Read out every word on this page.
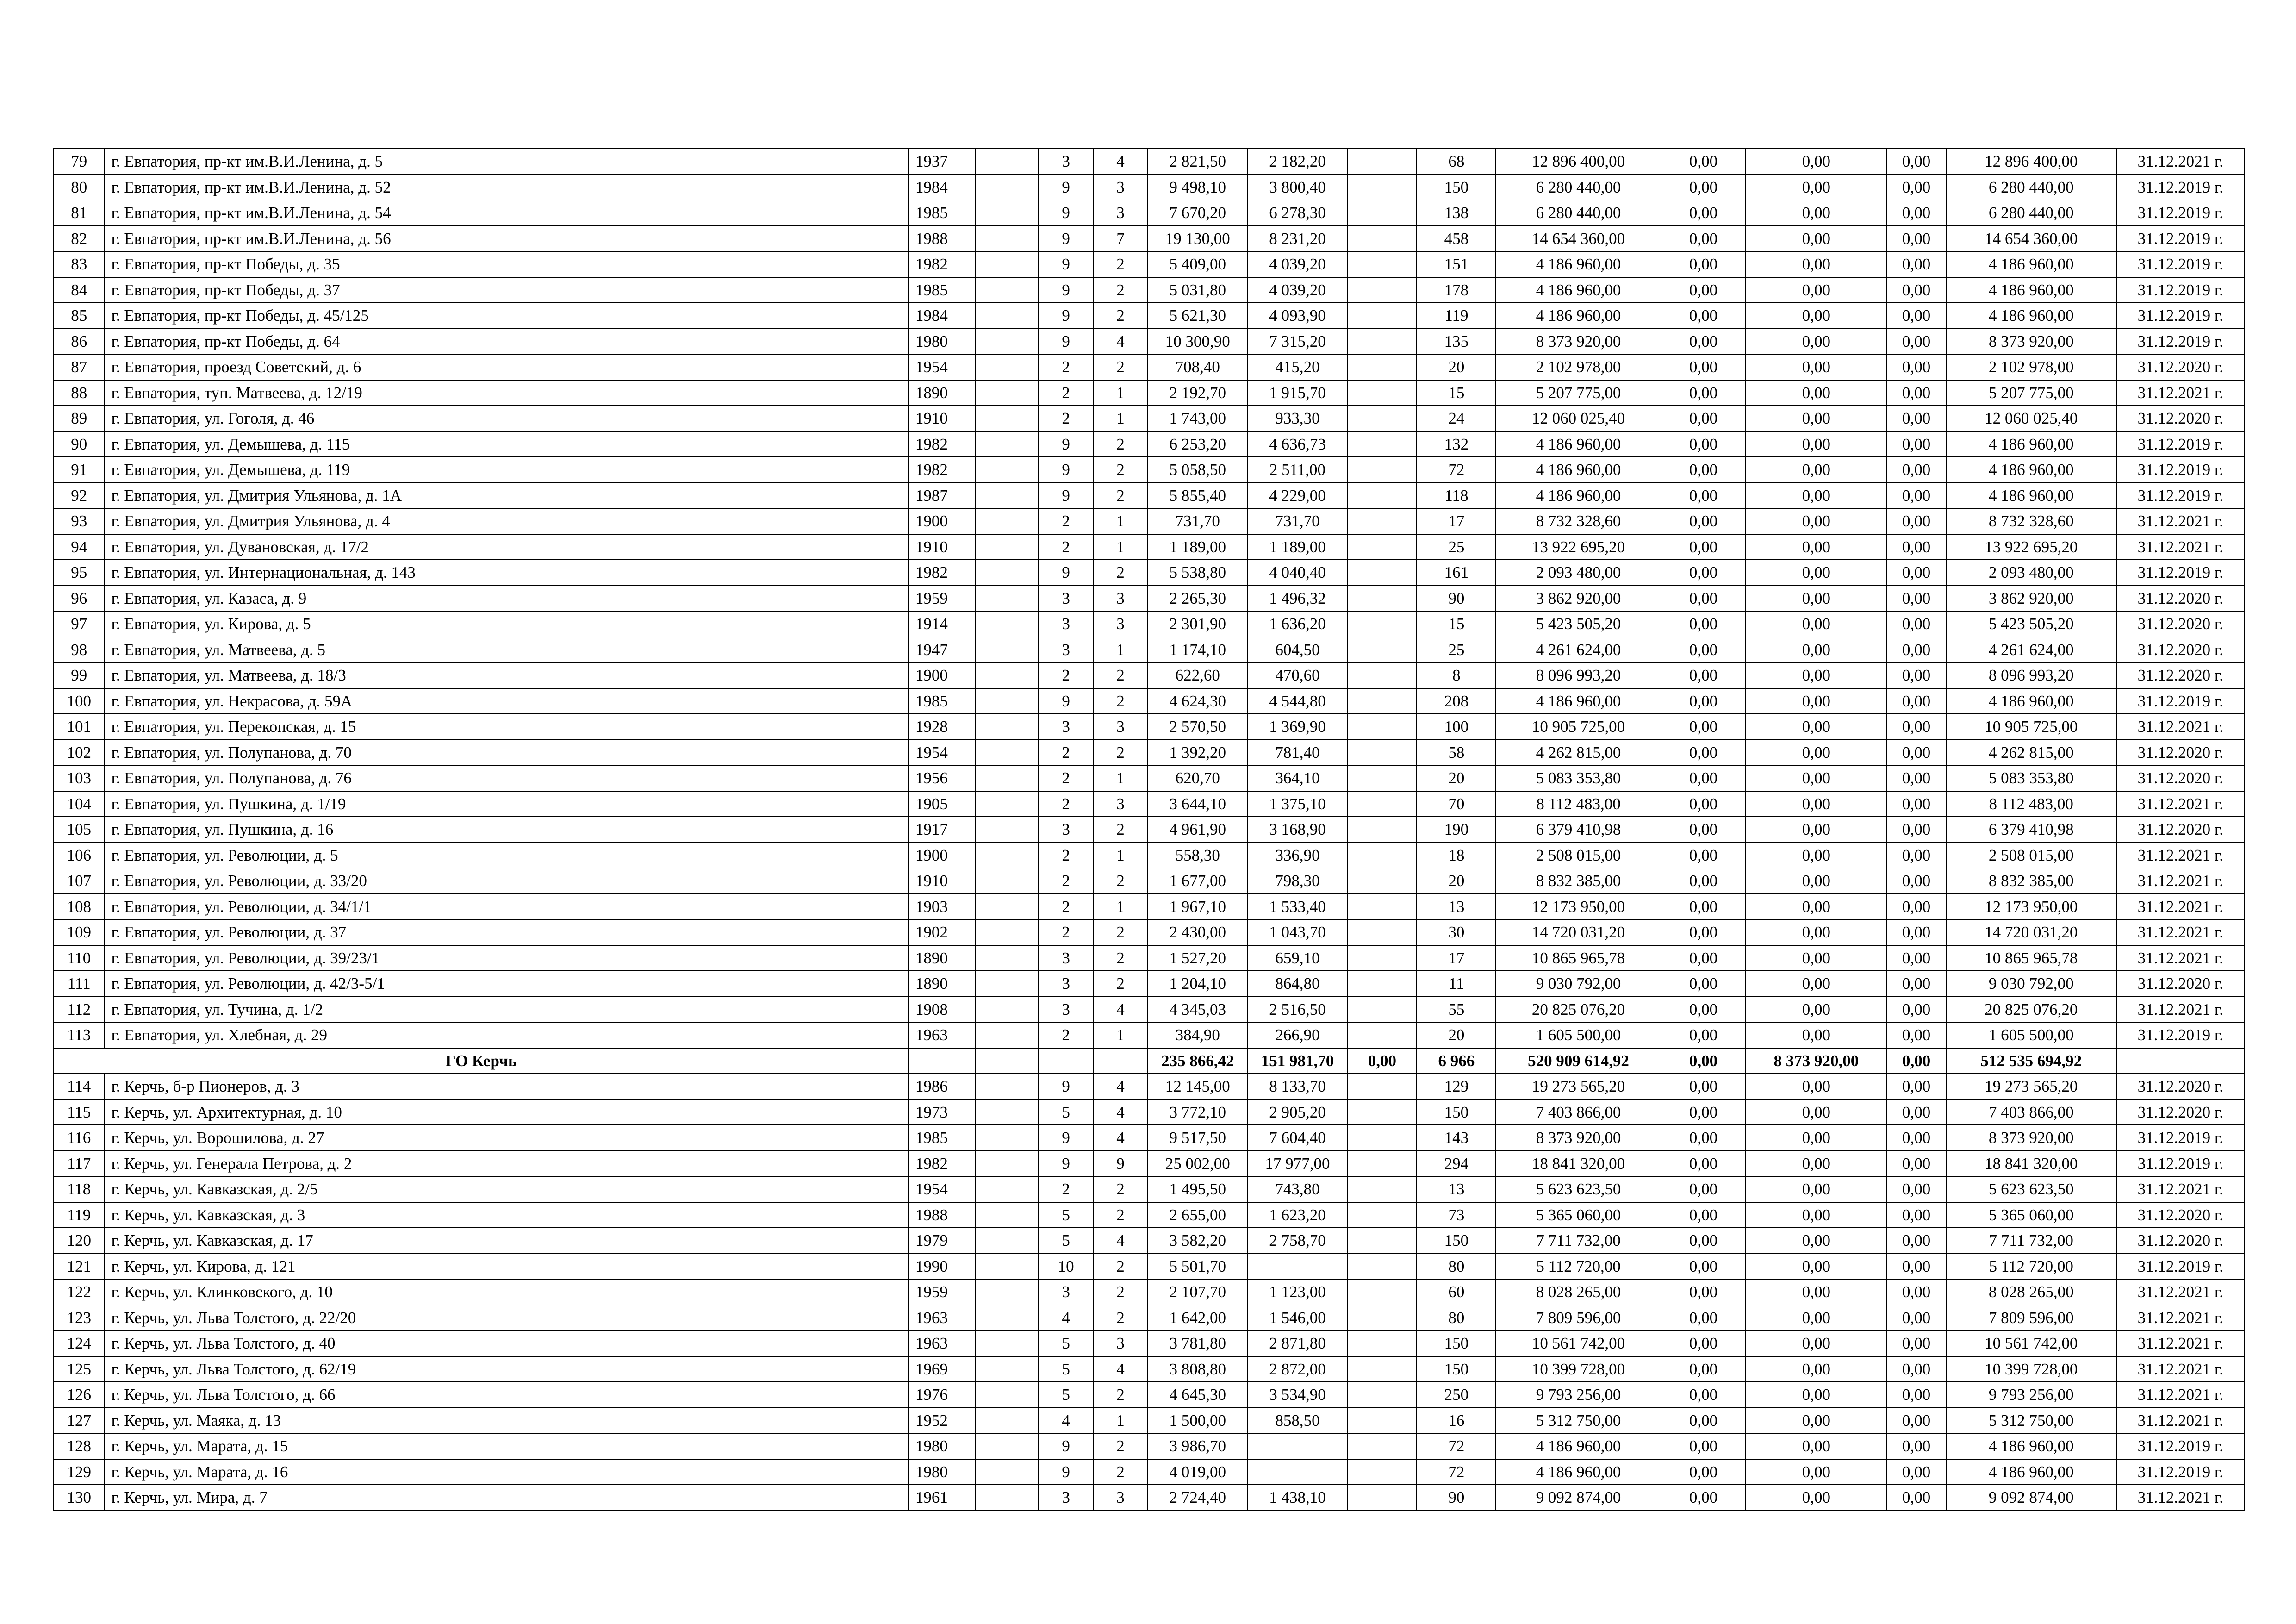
79	г. Евпатория, пр-кт им.В.И.Ленина, д. 5	1937		3	4	2 821,50	2 182,20		68	12 896 400,00	0,00	0,00	0,00	12 896 400,00	31.12.2021 г.
80	г. Евпатория, пр-кт им.В.И.Ленина, д. 52	1984		9	3	9 498,10	3 800,40		150	6 280 440,00	0,00	0,00	0,00	6 280 440,00	31.12.2019 г.
81	г. Евпатория, пр-кт им.В.И.Ленина, д. 54	1985		9	3	7 670,20	6 278,30		138	6 280 440,00	0,00	0,00	0,00	6 280 440,00	31.12.2019 г.
82	г. Евпатория, пр-кт им.В.И.Ленина, д. 56	1988		9	7	19 130,00	8 231,20		458	14 654 360,00	0,00	0,00	0,00	14 654 360,00	31.12.2019 г.
83	г. Евпатория, пр-кт Победы, д. 35	1982		9	2	5 409,00	4 039,20		151	4 186 960,00	0,00	0,00	0,00	4 186 960,00	31.12.2019 г.
84	г. Евпатория, пр-кт Победы, д. 37	1985		9	2	5 031,80	4 039,20		178	4 186 960,00	0,00	0,00	0,00	4 186 960,00	31.12.2019 г.
85	г. Евпатория, пр-кт Победы, д. 45/125	1984		9	2	5 621,30	4 093,90		119	4 186 960,00	0,00	0,00	0,00	4 186 960,00	31.12.2019 г.
86	г. Евпатория, пр-кт Победы, д. 64	1980		9	4	10 300,90	7 315,20		135	8 373 920,00	0,00	0,00	0,00	8 373 920,00	31.12.2019 г.
87	г. Евпатория, проезд Советский, д. 6	1954		2	2	708,40	415,20		20	2 102 978,00	0,00	0,00	0,00	2 102 978,00	31.12.2020 г.
88	г. Евпатория, туп. Матвеева, д. 12/19	1890		2	1	2 192,70	1 915,70		15	5 207 775,00	0,00	0,00	0,00	5 207 775,00	31.12.2021 г.
89	г. Евпатория, ул. Гоголя, д. 46	1910		2	1	1 743,00	933,30		24	12 060 025,40	0,00	0,00	0,00	12 060 025,40	31.12.2020 г.
90	г. Евпатория, ул. Демышева, д. 115	1982		9	2	6 253,20	4 636,73		132	4 186 960,00	0,00	0,00	0,00	4 186 960,00	31.12.2019 г.
91	г. Евпатория, ул. Демышева, д. 119	1982		9	2	5 058,50	2 511,00		72	4 186 960,00	0,00	0,00	0,00	4 186 960,00	31.12.2019 г.
92	г. Евпатория, ул. Дмитрия Ульянова, д. 1А	1987		9	2	5 855,40	4 229,00		118	4 186 960,00	0,00	0,00	0,00	4 186 960,00	31.12.2019 г.
93	г. Евпатория, ул. Дмитрия Ульянова, д. 4	1900		2	1	731,70	731,70		17	8 732 328,60	0,00	0,00	0,00	8 732 328,60	31.12.2021 г.
94	г. Евпатория, ул. Дувановская, д. 17/2	1910		2	1	1 189,00	1 189,00		25	13 922 695,20	0,00	0,00	0,00	13 922 695,20	31.12.2021 г.
95	г. Евпатория, ул. Интернациональная, д. 143	1982		9	2	5 538,80	4 040,40		161	2 093 480,00	0,00	0,00	0,00	2 093 480,00	31.12.2019 г.
96	г. Евпатория, ул. Казаса, д. 9	1959		3	3	2 265,30	1 496,32		90	3 862 920,00	0,00	0,00	0,00	3 862 920,00	31.12.2020 г.
97	г. Евпатория, ул. Кирова, д. 5	1914		3	3	2 301,90	1 636,20		15	5 423 505,20	0,00	0,00	0,00	5 423 505,20	31.12.2020 г.
98	г. Евпатория, ул. Матвеева, д. 5	1947		3	1	1 174,10	604,50		25	4 261 624,00	0,00	0,00	0,00	4 261 624,00	31.12.2020 г.
99	г. Евпатория, ул. Матвеева, д. 18/3	1900		2	2	622,60	470,60		8	8 096 993,20	0,00	0,00	0,00	8 096 993,20	31.12.2020 г.
100	г. Евпатория, ул. Некрасова, д. 59А	1985		9	2	4 624,30	4 544,80		208	4 186 960,00	0,00	0,00	0,00	4 186 960,00	31.12.2019 г.
101	г. Евпатория, ул. Перекопская, д. 15	1928		3	3	2 570,50	1 369,90		100	10 905 725,00	0,00	0,00	0,00	10 905 725,00	31.12.2021 г.
102	г. Евпатория, ул. Полупанова, д. 70	1954		2	2	1 392,20	781,40		58	4 262 815,00	0,00	0,00	0,00	4 262 815,00	31.12.2020 г.
103	г. Евпатория, ул. Полупанова, д. 76	1956		2	1	620,70	364,10		20	5 083 353,80	0,00	0,00	0,00	5 083 353,80	31.12.2020 г.
104	г. Евпатория, ул. Пушкина, д. 1/19	1905		2	3	3 644,10	1 375,10		70	8 112 483,00	0,00	0,00	0,00	8 112 483,00	31.12.2021 г.
105	г. Евпатория, ул. Пушкина, д. 16	1917		3	2	4 961,90	3 168,90		190	6 379 410,98	0,00	0,00	0,00	6 379 410,98	31.12.2020 г.
106	г. Евпатория, ул. Революции, д. 5	1900		2	1	558,30	336,90		18	2 508 015,00	0,00	0,00	0,00	2 508 015,00	31.12.2021 г.
107	г. Евпатория, ул. Революции, д. 33/20	1910		2	2	1 677,00	798,30		20	8 832 385,00	0,00	0,00	0,00	8 832 385,00	31.12.2021 г.
108	г. Евпатория, ул. Революции, д. 34/1/1	1903		2	1	1 967,10	1 533,40		13	12 173 950,00	0,00	0,00	0,00	12 173 950,00	31.12.2021 г.
109	г. Евпатория, ул. Революции, д. 37	1902		2	2	2 430,00	1 043,70		30	14 720 031,20	0,00	0,00	0,00	14 720 031,20	31.12.2021 г.
110	г. Евпатория, ул. Революции, д. 39/23/1	1890		3	2	1 527,20	659,10		17	10 865 965,78	0,00	0,00	0,00	10 865 965,78	31.12.2021 г.
111	г. Евпатория, ул. Революции, д. 42/3-5/1	1890		3	2	1 204,10	864,80		11	9 030 792,00	0,00	0,00	0,00	9 030 792,00	31.12.2020 г.
112	г. Евпатория, ул. Тучина, д. 1/2	1908		3	4	4 345,03	2 516,50		55	20 825 076,20	0,00	0,00	0,00	20 825 076,20	31.12.2021 г.
113	г. Евпатория, ул. Хлебная, д. 29	1963		2	1	384,90	266,90		20	1 605 500,00	0,00	0,00	0,00	1 605 500,00	31.12.2019 г.
ГО Керчь						235 866,42	151 981,70	0,00	6 966	520 909 614,92	0,00	8 373 920,00	0,00	512 535 694,92	
114	г. Керчь, б-р Пионеров, д. 3	1986		9	4	12 145,00	8 133,70		129	19 273 565,20	0,00	0,00	0,00	19 273 565,20	31.12.2020 г.
115	г. Керчь, ул. Архитектурная, д. 10	1973		5	4	3 772,10	2 905,20		150	7 403 866,00	0,00	0,00	0,00	7 403 866,00	31.12.2020 г.
116	г. Керчь, ул. Ворошилова, д. 27	1985		9	4	9 517,50	7 604,40		143	8 373 920,00	0,00	0,00	0,00	8 373 920,00	31.12.2019 г.
117	г. Керчь, ул. Генерала Петрова, д. 2	1982		9	9	25 002,00	17 977,00		294	18 841 320,00	0,00	0,00	0,00	18 841 320,00	31.12.2019 г.
118	г. Керчь, ул. Кавказская, д. 2/5	1954		2	2	1 495,50	743,80		13	5 623 623,50	0,00	0,00	0,00	5 623 623,50	31.12.2021 г.
119	г. Керчь, ул. Кавказская, д. 3	1988		5	2	2 655,00	1 623,20		73	5 365 060,00	0,00	0,00	0,00	5 365 060,00	31.12.2020 г.
120	г. Керчь, ул. Кавказская, д. 17	1979		5	4	3 582,20	2 758,70		150	7 711 732,00	0,00	0,00	0,00	7 711 732,00	31.12.2020 г.
121	г. Керчь, ул. Кирова, д. 121	1990		10	2	5 501,70			80	5 112 720,00	0,00	0,00	0,00	5 112 720,00	31.12.2019 г.
122	г. Керчь, ул. Клинковского, д. 10	1959		3	2	2 107,70	1 123,00		60	8 028 265,00	0,00	0,00	0,00	8 028 265,00	31.12.2021 г.
123	г. Керчь, ул. Льва Толстого, д. 22/20	1963		4	2	1 642,00	1 546,00		80	7 809 596,00	0,00	0,00	0,00	7 809 596,00	31.12.2021 г.
124	г. Керчь, ул. Льва Толстого, д. 40	1963		5	3	3 781,80	2 871,80		150	10 561 742,00	0,00	0,00	0,00	10 561 742,00	31.12.2021 г.
125	г. Керчь, ул. Льва Толстого, д. 62/19	1969		5	4	3 808,80	2 872,00		150	10 399 728,00	0,00	0,00	0,00	10 399 728,00	31.12.2021 г.
126	г. Керчь, ул. Льва Толстого, д. 66	1976		5	2	4 645,30	3 534,90		250	9 793 256,00	0,00	0,00	0,00	9 793 256,00	31.12.2021 г.
127	г. Керчь, ул. Маяка, д. 13	1952		4	1	1 500,00	858,50		16	5 312 750,00	0,00	0,00	0,00	5 312 750,00	31.12.2021 г.
128	г. Керчь, ул. Марата, д. 15	1980		9	2	3 986,70			72	4 186 960,00	0,00	0,00	0,00	4 186 960,00	31.12.2019 г.
129	г. Керчь, ул. Марата, д. 16	1980		9	2	4 019,00			72	4 186 960,00	0,00	0,00	0,00	4 186 960,00	31.12.2019 г.
130	г. Керчь, ул. Мира, д. 7	1961		3	3	2 724,40	1 438,10		90	9 092 874,00	0,00	0,00	0,00	9 092 874,00	31.12.2021 г.
